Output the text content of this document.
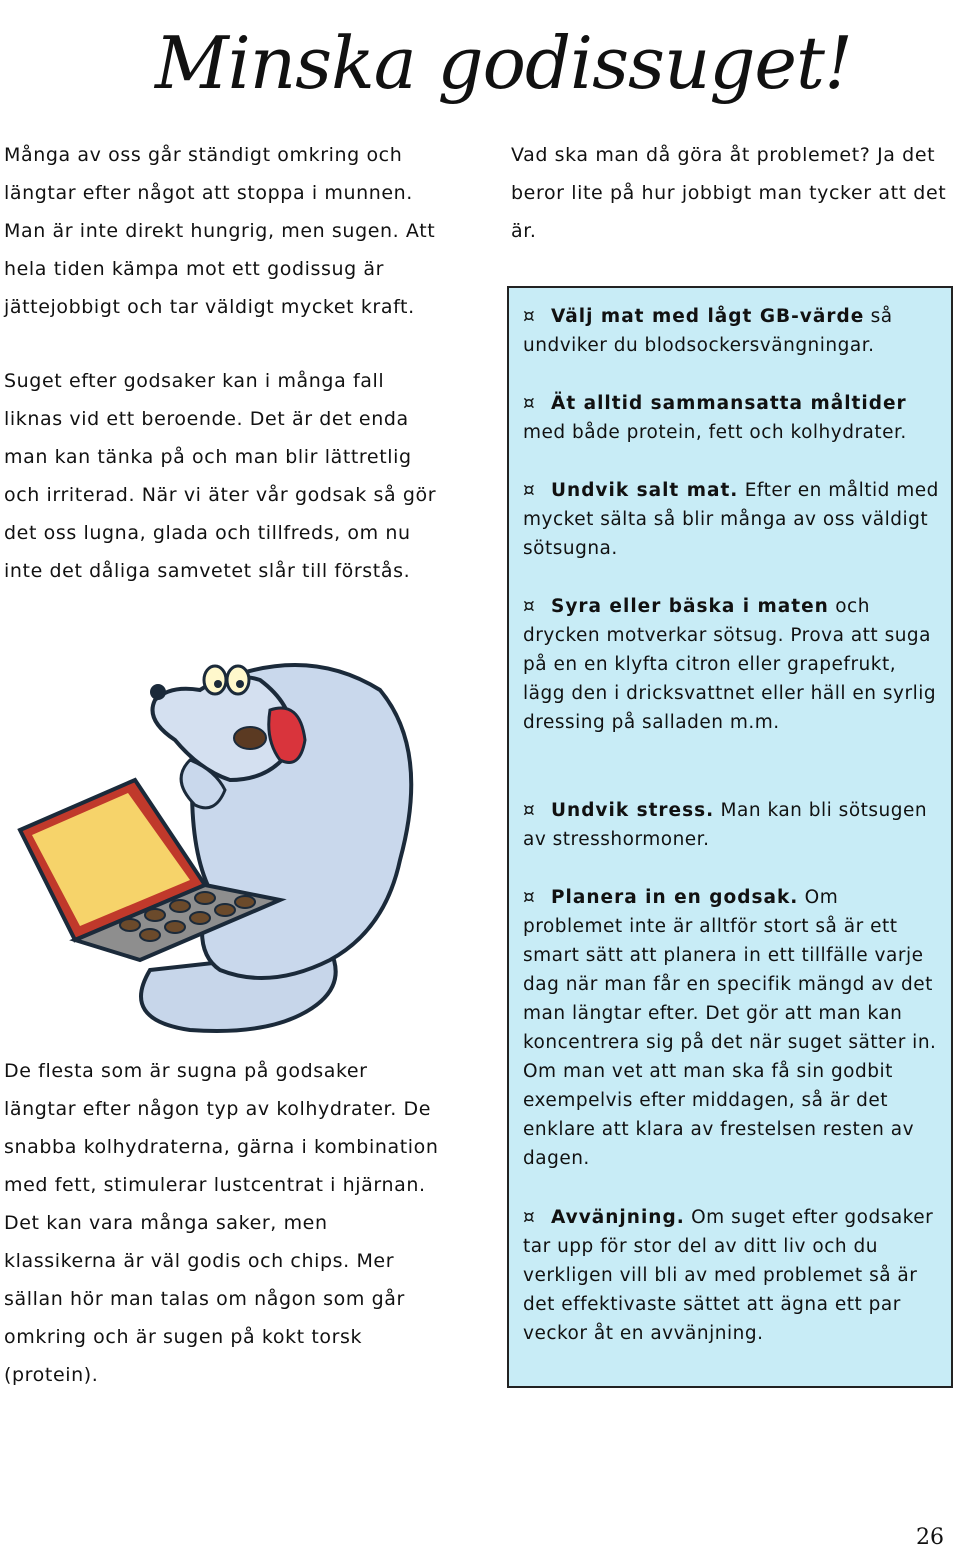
Minska godissuget!

Många av oss går ständigt omkring och längtar efter något att stoppa i munnen. Man är inte direkt hungrig, men sugen. Att hela tiden kämpa mot ett godissug är jättejobbigt och tar väldigt mycket kraft.

Suget efter godsaker kan i många fall liknas vid ett beroende. Det är det enda man kan tänka på och man blir lättretlig och irriterad. När vi äter vår godsak så gör det oss lugna, glada och tillfreds, om nu inte det dåliga samvetet slår till förstås.

De flesta som är sugna på godsaker längtar efter någon typ av kolhydrater. De snabba kolhydraterna, gärna i kombination med fett, stimulerar lustcentrat i hjärnan. Det kan vara många saker, men klassikerna är väl godis och chips. Mer sällan hör man talas om någon som går omkring och är sugen på kokt torsk (protein).

Vad ska man då göra åt problemet? Ja det beror lite på hur jobbigt man tycker att det är.

¤ Välj mat med lågt GB-värde så undviker du blodsockersvängningar.

¤ Ät alltid sammansatta måltider med både protein, fett och kolhydrater.

¤ Undvik salt mat. Efter en måltid med mycket sälta så blir många av oss väldigt sötsugna.

¤ Syra eller bäska i maten och drycken motverkar sötsug. Prova att suga på en en klyfta citron eller grapefrukt, lägg den i dricksvattnet eller häll en syrlig dressing på salladen m.m.

¤ Undvik stress. Man kan bli sötsugen av stresshormoner.

¤ Planera in en godsak. Om problemet inte är alltför stort så är ett smart sätt att planera in ett tillfälle varje dag när man får en specifik mängd av det man längtar efter. Det gör att man kan koncentrera sig på det när suget sätter in. Om man vet att man ska få sin godbit exempelvis efter middagen, så är det enklare att klara av frestelsen resten av dagen.

¤ Avvänjning. Om suget efter godsaker tar upp för stor del av ditt liv och du verkligen vill bli av med problemet så är det effektivaste sättet att ägna ett par veckor åt en avvänjning.

26
